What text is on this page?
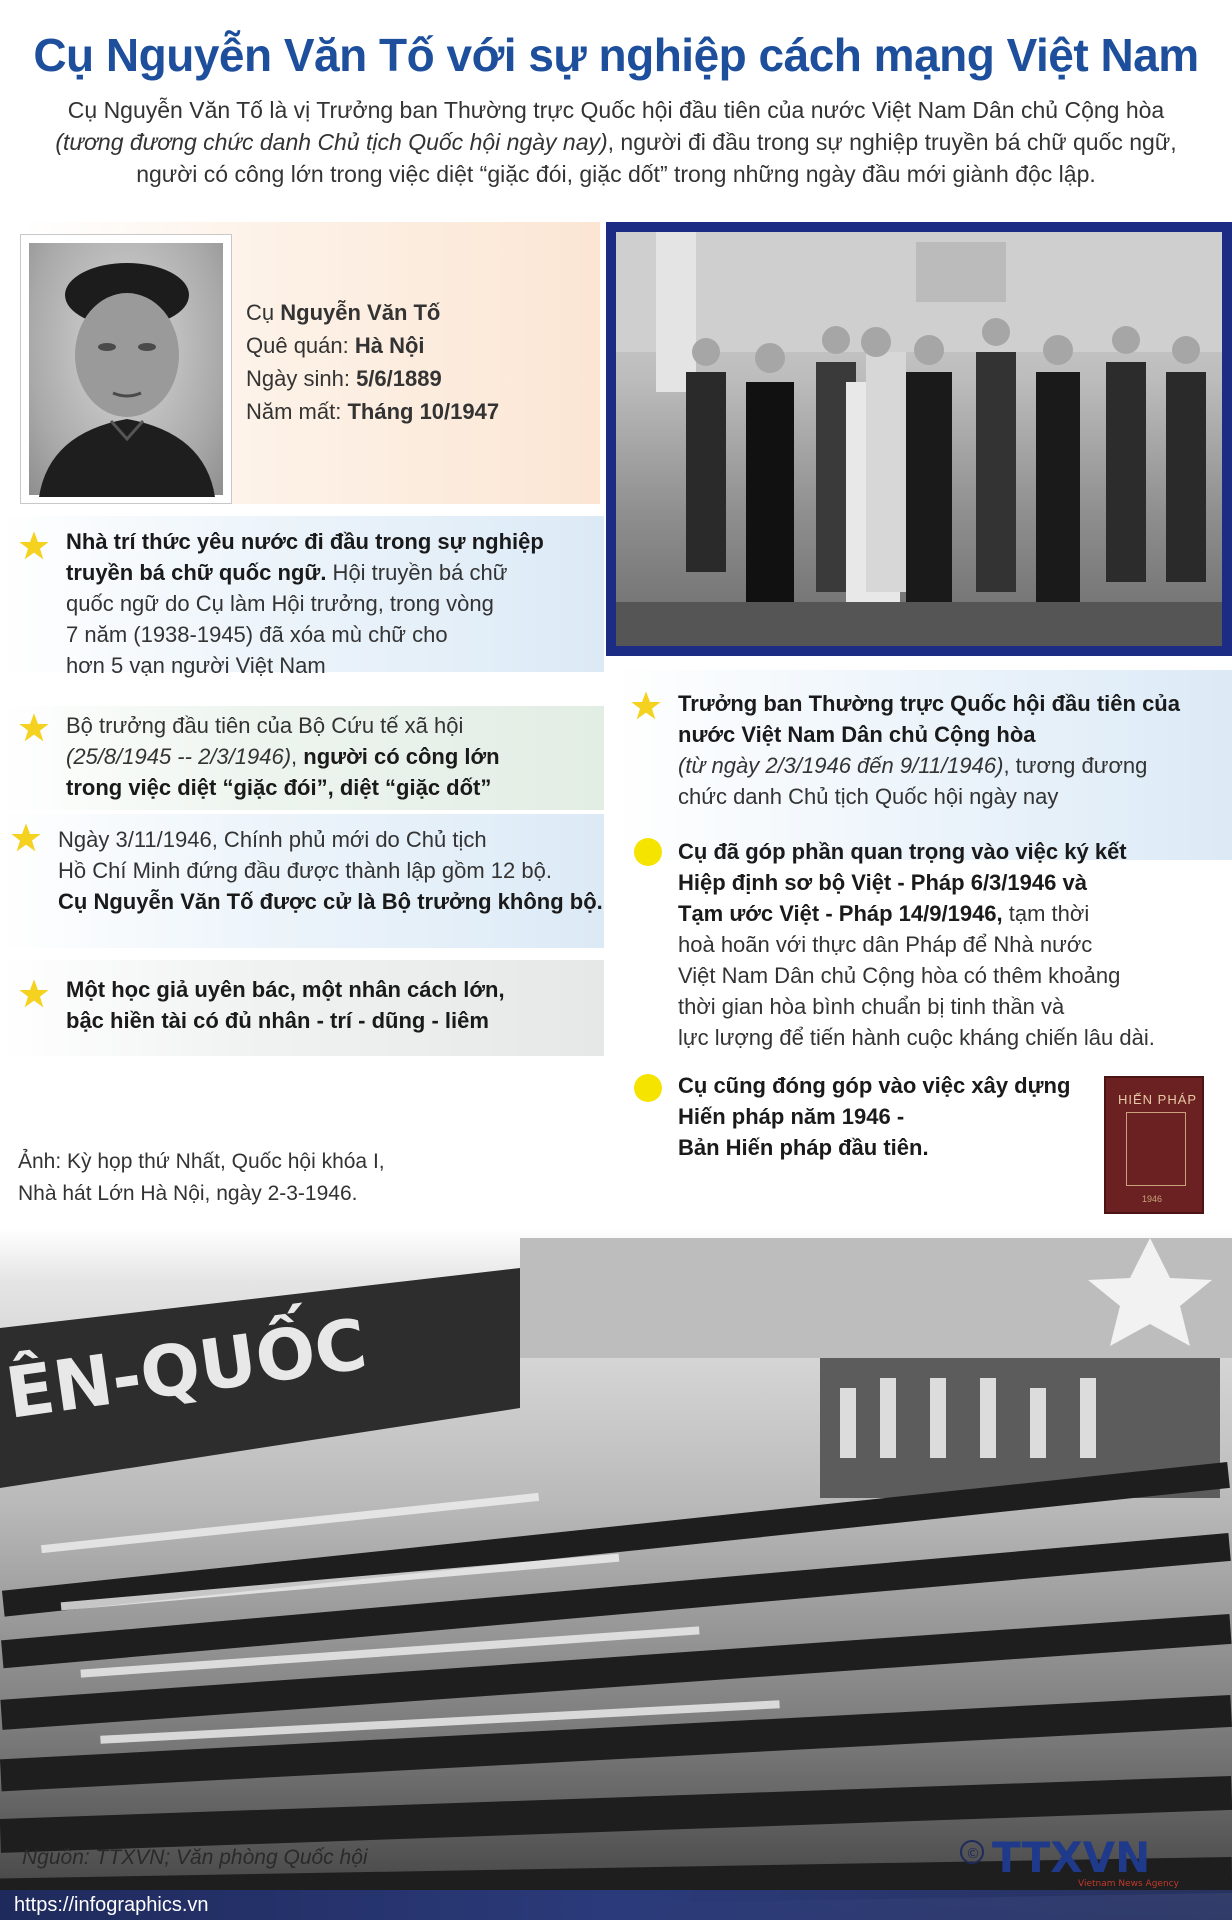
Cụ Nguyễn Văn Tố với sự nghiệp cách mạng Việt Nam
Cụ Nguyễn Văn Tố là vị Trưởng ban Thường trực Quốc hội đầu tiên của nước Việt Nam Dân chủ Cộng hòa
(tương đương chức danh Chủ tịch Quốc hội ngày nay), người đi đầu trong sự nghiệp truyền bá chữ quốc ngữ,
người có công lớn trong việc diệt “giặc đói, giặc dốt” trong những ngày đầu mới giành độc lập.
Cụ Nguyễn Văn Tố
Quê quán: Hà Nội
Ngày sinh: 5/6/1889
Năm mất: Tháng 10/1947
Nhà trí thức yêu nước đi đầu trong sự nghiệp
truyền bá chữ quốc ngữ. Hội truyền bá chữ
quốc ngữ do Cụ làm Hội trưởng, trong vòng
7 năm (1938-1945) đã xóa mù chữ cho
hơn 5 vạn người Việt Nam
Bộ trưởng đầu tiên của Bộ Cứu tế xã hội
(25/8/1945 -- 2/3/1946), người có công lớn
trong việc diệt “giặc đói”, diệt “giặc dốt”
Ngày 3/11/1946, Chính phủ mới do Chủ tịch
Hồ Chí Minh đứng đầu được thành lập gồm 12 bộ.
Cụ Nguyễn Văn Tố được cử là Bộ trưởng không bộ.
Một học giả uyên bác, một nhân cách lớn,
bậc hiền tài có đủ nhân - trí - dũng - liêm
Trưởng ban Thường trực Quốc hội đầu tiên của
nước Việt Nam Dân chủ Cộng hòa
(từ ngày 2/3/1946 đến 9/11/1946), tương đương
chức danh Chủ tịch Quốc hội ngày nay
Cụ đã góp phần quan trọng vào việc ký kết
Hiệp định sơ bộ Việt - Pháp 6/3/1946 và
Tạm ước Việt - Pháp 14/9/1946, tạm thời
hoà hoãn với thực dân Pháp để Nhà nước
Việt Nam Dân chủ Cộng hòa có thêm khoảng
thời gian hòa bình chuẩn bị tinh thần và
lực lượng để tiến hành cuộc kháng chiến lâu dài.
Cụ cũng đóng góp vào việc xây dựng
Hiến pháp năm 1946 -
Bản Hiến pháp đầu tiên.
HIẾN PHÁP
1946
Ảnh: Kỳ họp thứ Nhất, Quốc hội khóa I,
Nhà hát Lớn Hà Nội, ngày 2-3-1946.
ÊN-QUỐC
Nguồn: TTXVN; Văn phòng Quốc hội	© TTXVN
Vietnam News Agency
https://infographics.vn
